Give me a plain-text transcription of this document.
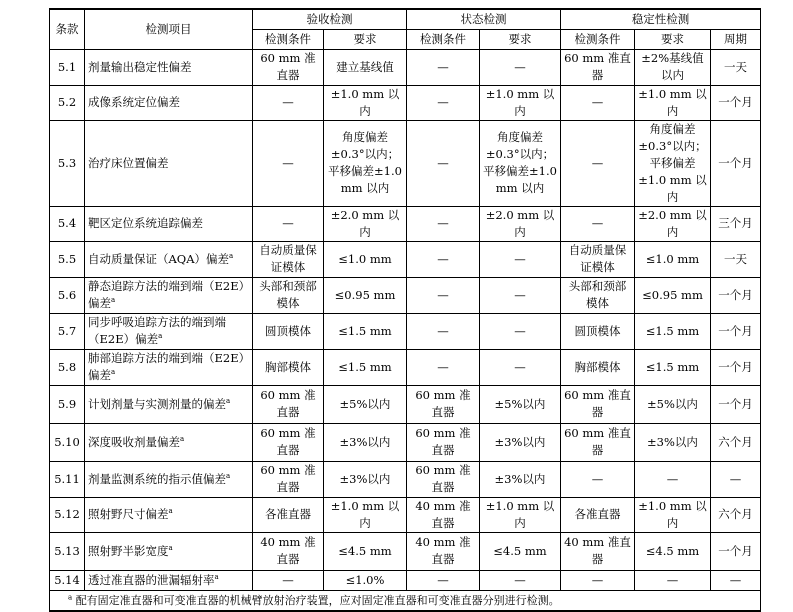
条款	检测项目	验收检测		状态检测		稳定性检测		
		检测条件	要求	检测条件	要求	检测条件	要求	周期
5.1	剂量输出稳定性偏差	60 mm 准直器	建立基线值	—	—	60 mm 准直器	±2%基线值以内	一天
5.2	成像系统定位偏差	—	±1.0 mm 以内	—	±1.0 mm 以内	—	±1.0 mm 以内	一个月
5.3	治疗床位置偏差	—	角度偏差±0.3°以内；平移偏差±1.0 mm 以内	—	角度偏差±0.3°以内；平移偏差±1.0 mm 以内	—	角度偏差±0.3°以内；平移偏差±1.0 mm 以内	一个月
5.4	靶区定位系统追踪偏差	—	±2.0 mm 以内	—	±2.0 mm 以内	—	±2.0 mm 以内	三个月
5.5	自动质量保证（AQA）偏差$^a$	自动质量保证模体	≤1.0 mm	—	—	自动质量保证模体	≤1.0 mm	一天
5.6	静态追踪方法的端到端（E2E）偏差$^a$	头部和颈部模体	≤0.95 mm	—	—	头部和颈部模体	≤0.95 mm	一个月
5.7	同步呼吸追踪方法的端到端（E2E）偏差$^a$	圆顶模体	≤1.5 mm	—	—	圆顶模体	≤1.5 mm	一个月
5.8	肺部追踪方法的端到端（E2E）偏差$^a$	胸部模体	≤1.5 mm	—	—	胸部模体	≤1.5 mm	一个月
5.9	计划剂量与实测剂量的偏差$^a$	60 mm 准直器	±5%以内	60 mm 准直器	±5%以内	60 mm 准直器	±5%以内	一个月
5.10	深度吸收剂量偏差$^a$	60 mm 准直器	±3%以内	60 mm 准直器	±3%以内	60 mm 准直器	±3%以内	六个月
5.11	剂量监测系统的指示值偏差$^a$	60 mm 准直器	±3%以内	60 mm 准直器	±3%以内	—	—	—
5.12	照射野尺寸偏差$^a$	各准直器	±1.0 mm 以内	40 mm 准直器	±1.0 mm 以内	各准直器	±1.0 mm 以内	六个月
5.13	照射野半影宽度$^a$	40 mm 准直器	≤4.5 mm	40 mm 准直器	≤4.5 mm	40 mm 准直器	≤4.5 mm	一个月
5.14	透过准直器的泄漏辐射率$^a$	—	≤1.0%	—	—	—	—	—
$^a$ 配有固定准直器和可变准直器的机械臂放射治疗装置，应对固定准直器和可变准直器分别进行检测。								
